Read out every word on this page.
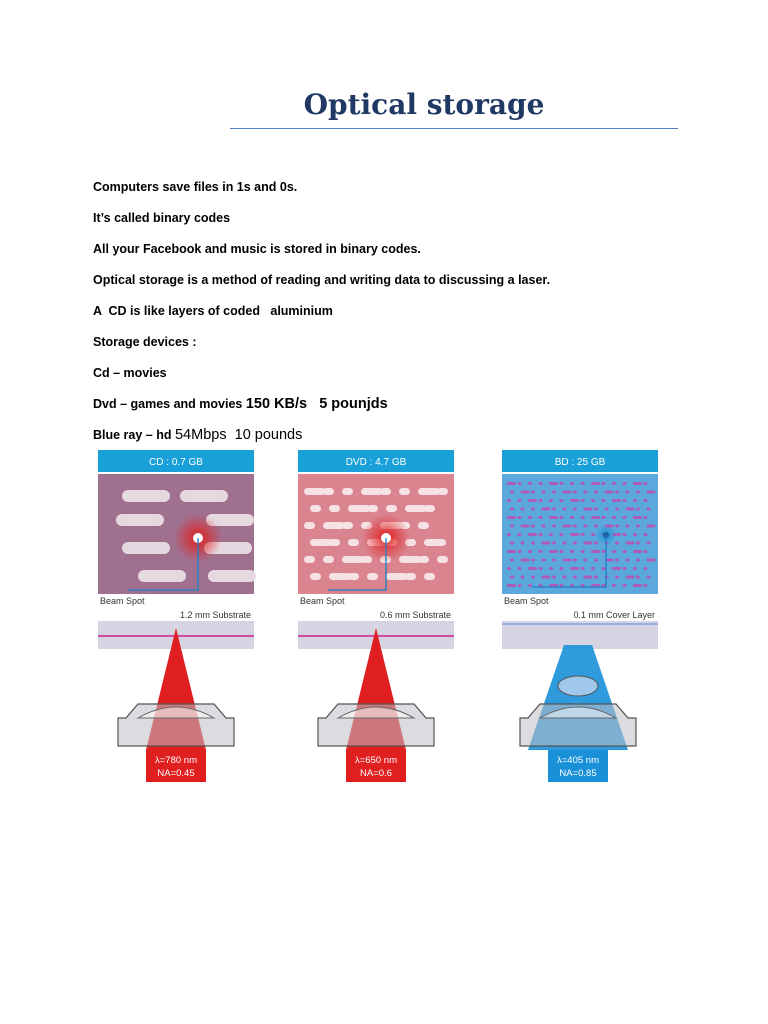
Optical storage
Computers save files in 1s and 0s.
It’s called binary codes
All your Facebook and music is stored in binary codes.
Optical storage is a method of reading and writing data to discussing a laser.
A  CD is like layers of coded   aluminium
Storage devices :
Cd – movies
Dvd – games and movies 150 KB/s 5 pounjds
Blue ray – hd 54Mbps 10 pounds
CD : 0.7 GB
Beam Spot
1.2 mm Substrate
λ=780 nm
NA=0.45
DVD : 4.7 GB
Beam Spot
0.6 mm Substrate
λ=650 nm
NA=0.6
BD : 25 GB
Beam Spot
0.1 mm Cover Layer
λ=405 nm
NA=0.85
